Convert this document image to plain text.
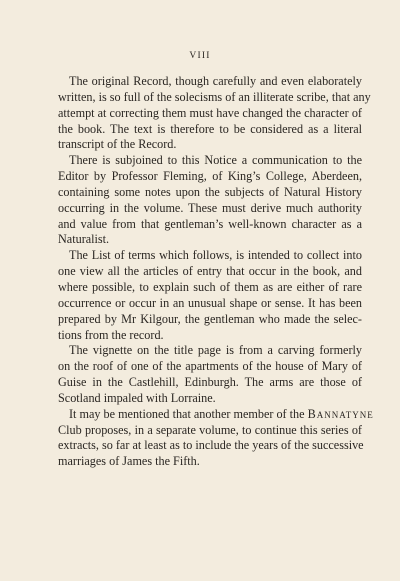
VIII

The original Record, though carefully and even elaborately
written, is so full of the solecisms of an illiterate scribe, that any
attempt at correcting them must have changed the character of
the book. The text is therefore to be considered as a literal
transcript of the Record.

There is subjoined to this Notice a communication to the
Editor by Professor Fleming, of King’s College, Aberdeen,
containing some notes upon the subjects of Natural History
occurring in the volume. These must derive much authority
and value from that gentleman’s well-known character as a
Naturalist.

The List of terms which follows, is intended to collect into
one view all the articles of entry that occur in the book, and
where possible, to explain such of them as are either of rare
occurrence or occur in an unusual shape or sense. It has been
prepared by Mr Kilgour, the gentleman who made the selec-
tions from the record.

The vignette on the title page is from a carving formerly
on the roof of one of the apartments of the house of Mary of
Guise in the Castlehill, Edinburgh. The arms are those of
Scotland impaled with Lorraine.

It may be mentioned that another member of the Bannatyne
Club proposes, in a separate volume, to continue this series of
extracts, so far at least as to include the years of the successive
marriages of James the Fifth.
